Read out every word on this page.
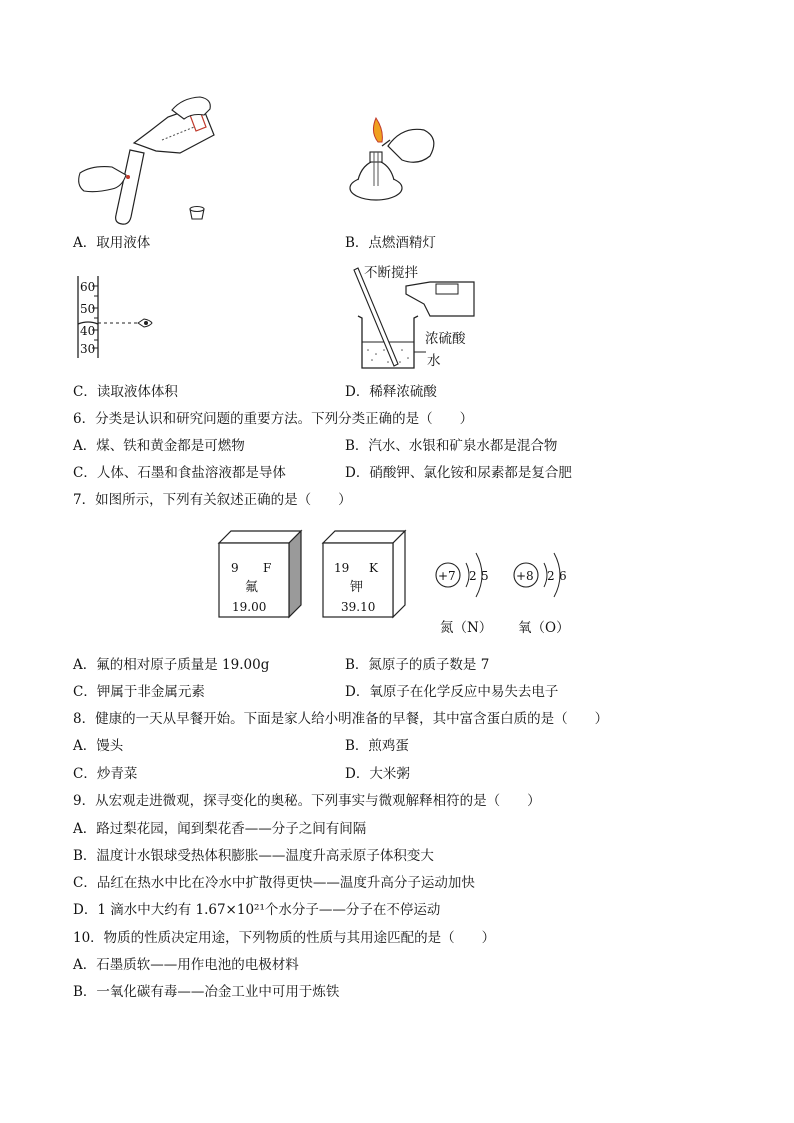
A．取用液体	B．点燃酒精灯
60
50
40
30
不断搅拌
浓硫酸
水
C．读取液体体积	D．稀释浓硫酸
6．分类是认识和研究问题的重要方法。下列分类正确的是（　　）
A．煤、铁和黄金都是可燃物	B．汽水、水银和矿泉水都是混合物
C．人体、石墨和食盐溶液都是导体	D．硝酸钾、氯化铵和尿素都是复合肥
7．如图所示，下列有关叙述正确的是（　　）
9 F
氟
19.00
19 K
钾
39.10
+7 2 5
氮（N）
+8 2 6
氧（O）
A．氟的相对原子质量是 19.00g	B．氮原子的质子数是 7
C．钾属于非金属元素	D．氧原子在化学反应中易失去电子
8．健康的一天从早餐开始。下面是家人给小明准备的早餐，其中富含蛋白质的是（　　）
A．馒头	B．煎鸡蛋
C．炒青菜	D．大米粥
9．从宏观走进微观，探寻变化的奥秘。下列事实与微观解释相符的是（　　）
A．路过梨花园，闻到梨花香——分子之间有间隔
B．温度计水银球受热体积膨胀——温度升高汞原子体积变大
C．品红在热水中比在冷水中扩散得更快——温度升高分子运动加快
D．1 滴水中大约有 1.67×10²¹个水分子——分子在不停运动
10．物质的性质决定用途，下列物质的性质与其用途匹配的是（　　）
A．石墨质软——用作电池的电极材料
B．一氧化碳有毒——冶金工业中可用于炼铁
